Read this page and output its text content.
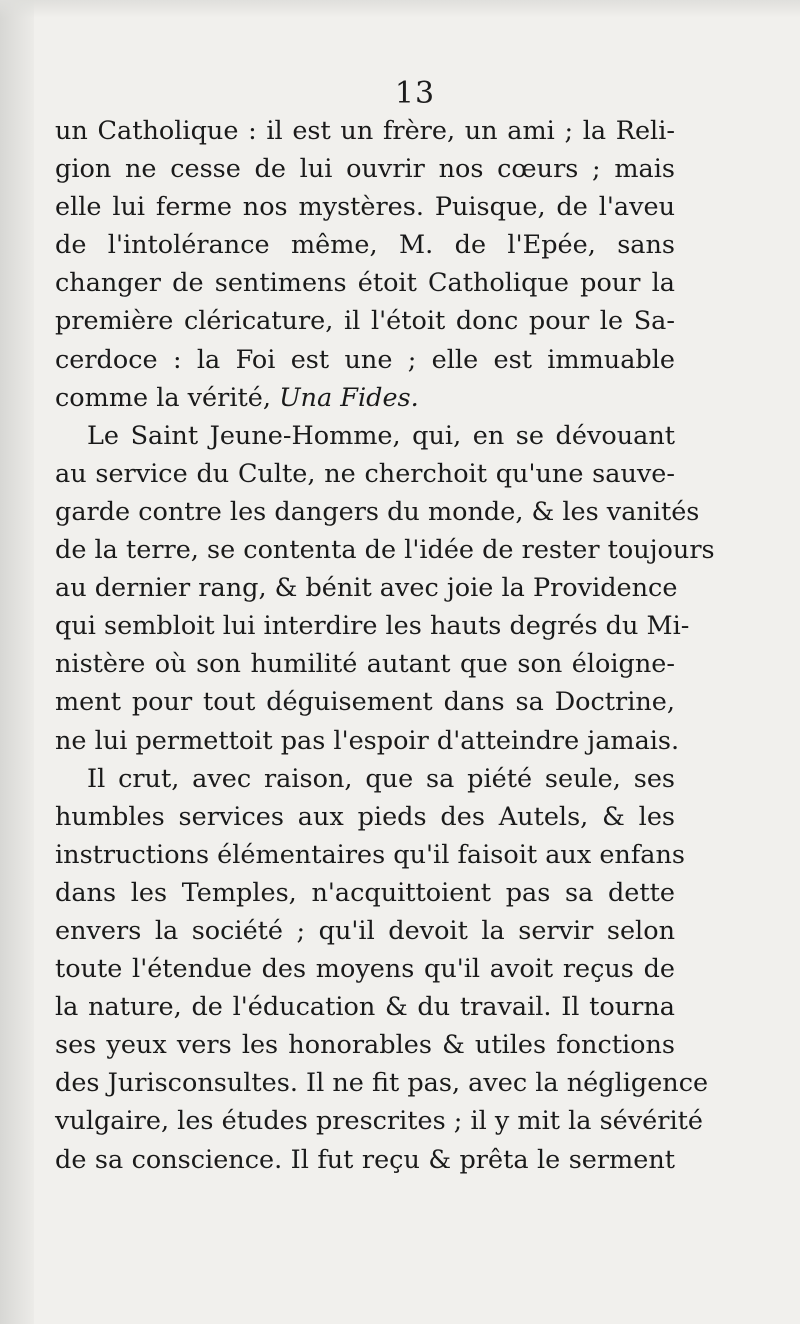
13
un Catholique : il est un frère, un ami ; la Reli-
gion ne cesse de lui ouvrir nos cœurs ; mais
elle lui ferme nos mystères. Puisque, de l'aveu
de l'intolérance même, M. de l'Epée, sans
changer de sentimens étoit Catholique pour la
première cléricature, il l'étoit donc pour le Sa-
cerdoce : la Foi est une ; elle est immuable
comme la vérité, Una Fides.
Le Saint Jeune-Homme, qui, en se dévouant
au service du Culte, ne cherchoit qu'une sauve-
garde contre les dangers du monde, & les vanités
de la terre, se contenta de l'idée de rester toujours
au dernier rang, & bénit avec joie la Providence
qui sembloit lui interdire les hauts degrés du Mi-
nistère où son humilité autant que son éloigne-
ment pour tout déguisement dans sa Doctrine,
ne lui permettoit pas l'espoir d'atteindre jamais.
Il crut, avec raison, que sa piété seule, ses
humbles services aux pieds des Autels, & les
instructions élémentaires qu'il faisoit aux enfans
dans les Temples, n'acquittoient pas sa dette
envers la société ; qu'il devoit la servir selon
toute l'étendue des moyens qu'il avoit reçus de
la nature, de l'éducation & du travail. Il tourna
ses yeux vers les honorables & utiles fonctions
des Jurisconsultes. Il ne fit pas, avec la négligence
vulgaire, les études prescrites ; il y mit la sévérité
de sa conscience. Il fut reçu & prêta le serment
